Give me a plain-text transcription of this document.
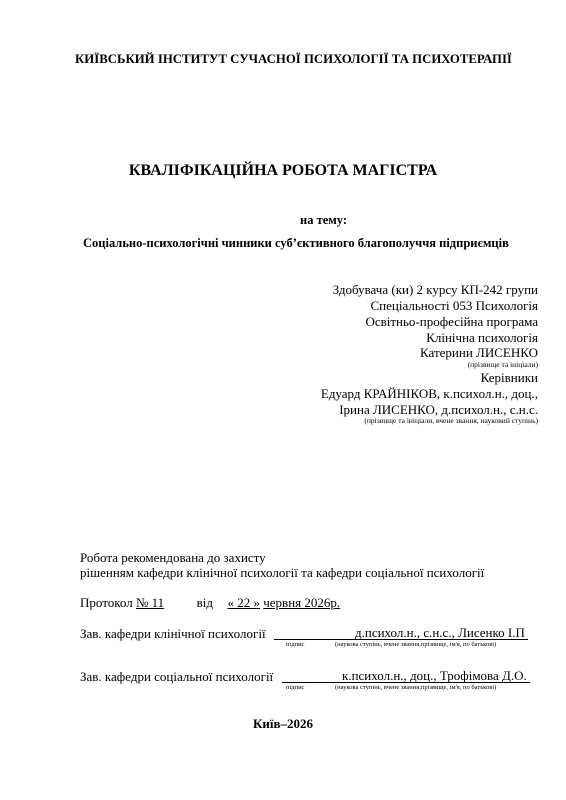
КИЇВСЬКИЙ ІНСТИТУТ СУЧАСНОЇ ПСИХОЛОГІЇ ТА ПСИХОТЕРАПІЇ
КВАЛІФІКАЦІЙНА РОБОТА МАГІСТРА
на тему:
Соціально-психологічні чинники суб’єктивного благополуччя підприємців
Здобувача (ки) 2 курсу КП-242 групи
Спеціальності 053 Психологія
Освітньо-професійна програма
Клінічна психологія
Катерини ЛИСЕНКО
(прізвище та ініціали)
Керівники
Едуард КРАЙНІКОВ, к.психол.н., доц.,
Ірина ЛИСЕНКО, д.психол.н., с.н.с.
(прізвище та ініціали, вчене звання, науковий ступінь)
Робота рекомендована до захисту
рішенням кафедри клінічної психології та кафедри соціальної психології
Протокол № 11	від « 22 » червня 2026р.
Зав. кафедри клінічної психології	д.психол.н., с.н.с., Лисенко І.П
підпис	(наукова ступінь, вчене звання,прізвище, ім'я, по батькові)
Зав. кафедри соціальної психології	к.психол.н., доц., Трофімова Д.О.
підпис	(наукова ступінь, вчене звання,прізвище, ім'я, по батькові)
Київ–2026
